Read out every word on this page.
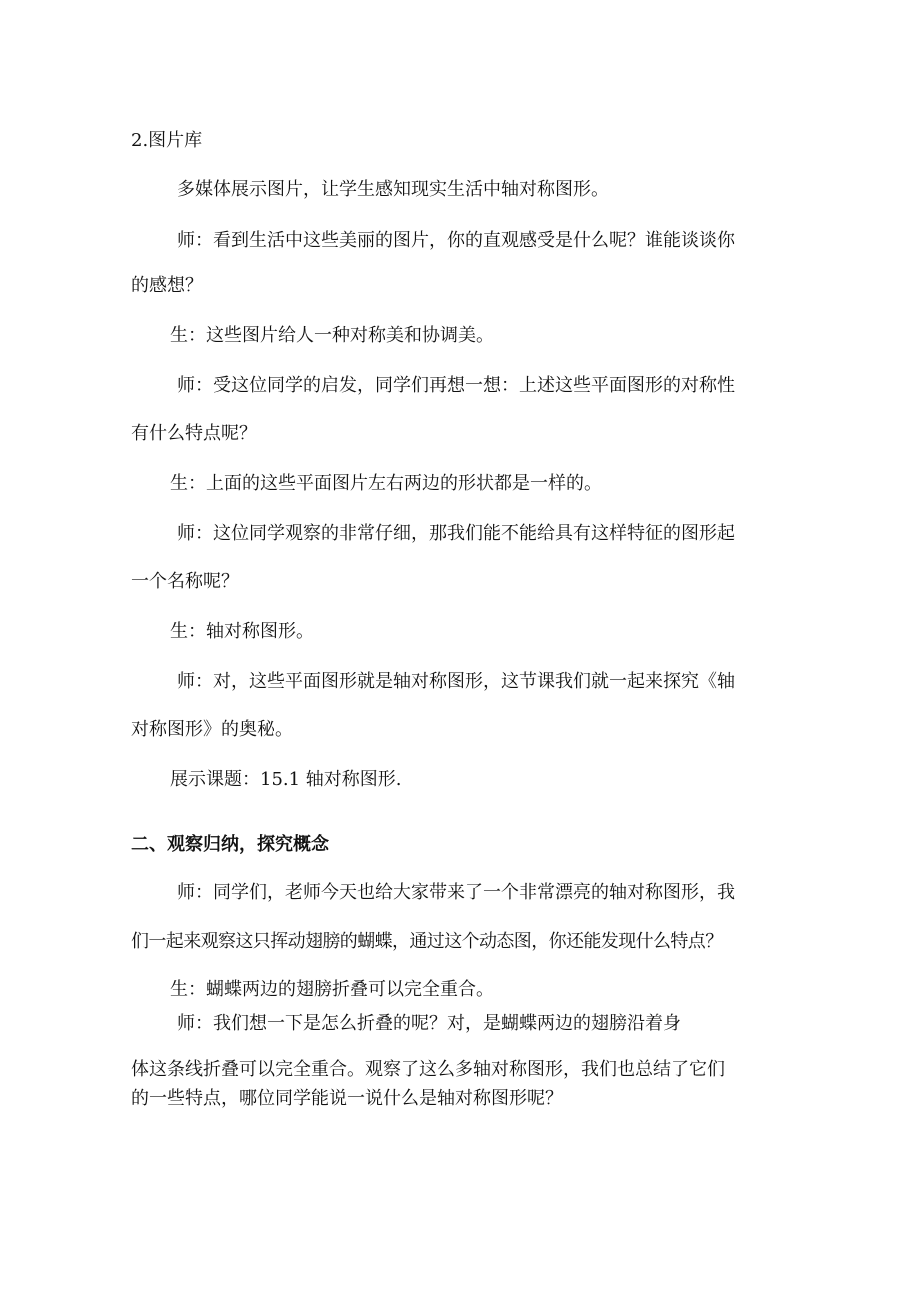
2.图片库
多媒体展示图片，让学生感知现实生活中轴对称图形。
师：看到生活中这些美丽的图片，你的直观感受是什么呢？谁能谈谈你
的感想？
生：这些图片给人一种对称美和协调美。
师：受这位同学的启发，同学们再想一想：上述这些平面图形的对称性
有什么特点呢？
生：上面的这些平面图片左右两边的形状都是一样的。
师：这位同学观察的非常仔细，那我们能不能给具有这样特征的图形起
一个名称呢？
生：轴对称图形。
师：对，这些平面图形就是轴对称图形，这节课我们就一起来探究《轴
对称图形》的奥秘。
展示课题：15.1 轴对称图形.
二、观察归纳，探究概念
师：同学们，老师今天也给大家带来了一个非常漂亮的轴对称图形，我
们一起来观察这只挥动翅膀的蝴蝶，通过这个动态图，你还能发现什么特点？
生：蝴蝶两边的翅膀折叠可以完全重合。
师：我们想一下是怎么折叠的呢？对，是蝴蝶两边的翅膀沿着身
体这条线折叠可以完全重合。观察了这么多轴对称图形，我们也总结了它们
的一些特点，哪位同学能说一说什么是轴对称图形呢？
